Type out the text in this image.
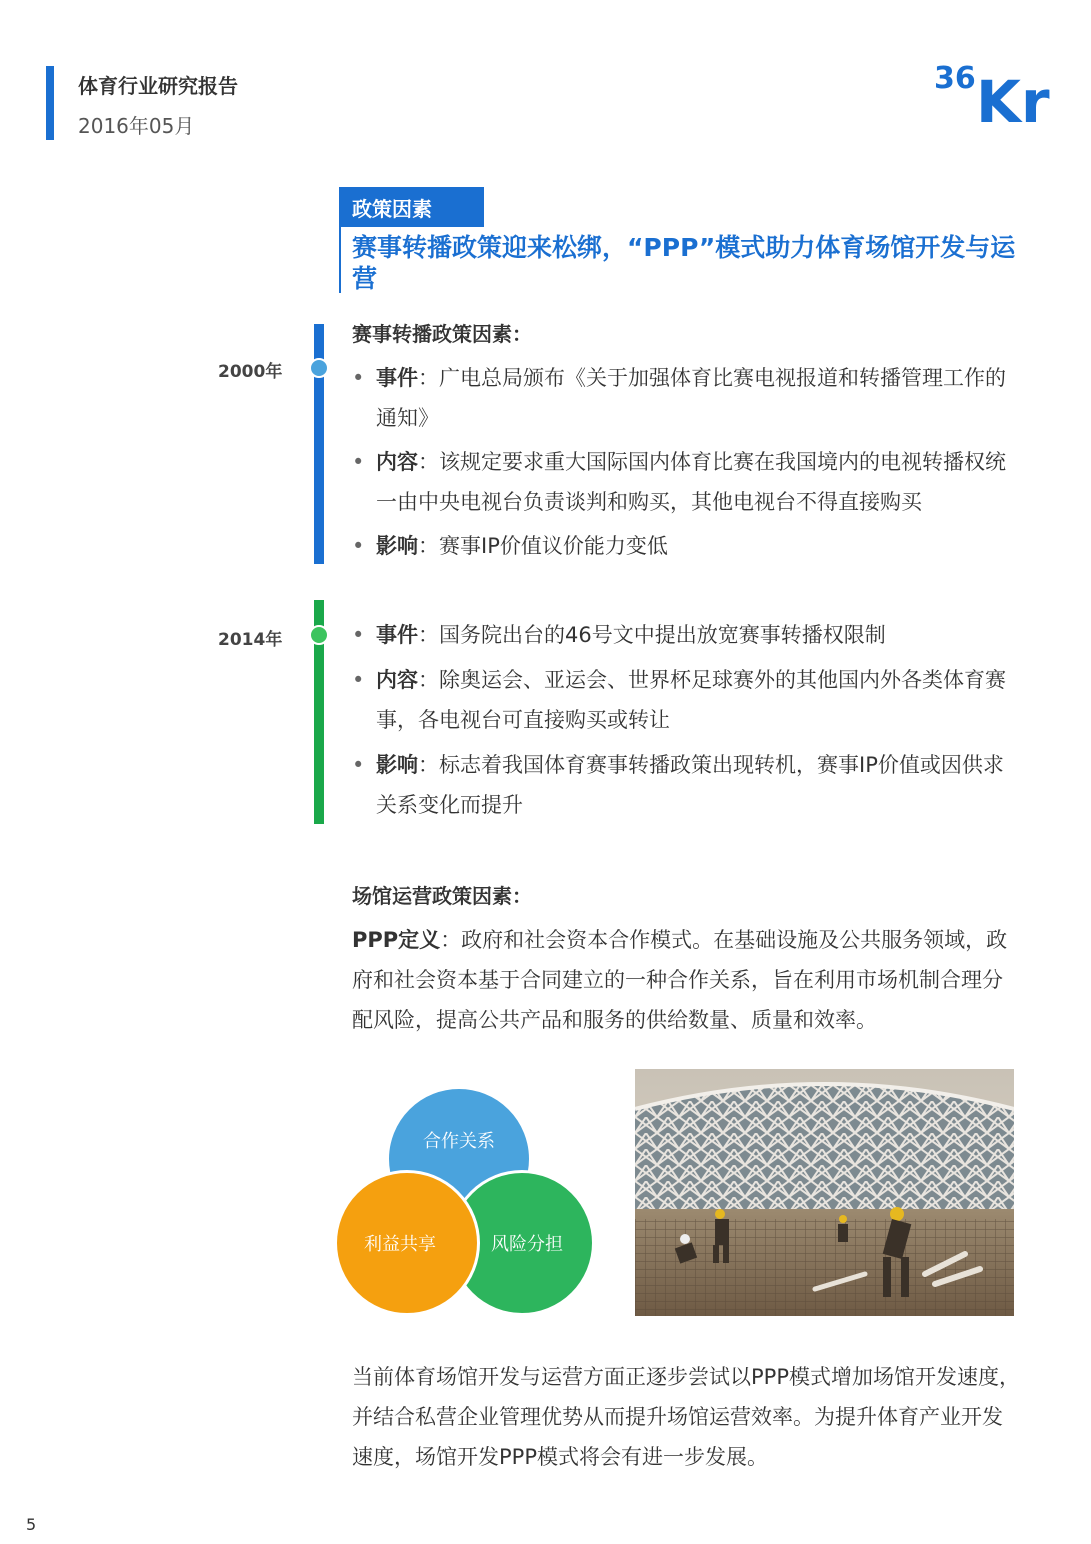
体育行业研究报告
2016年05月
36 Kr
政策因素
赛事转播政策迎来松绑，“PPP”模式助力体育场馆开发与运营
赛事转播政策因素：
2000年	• 事件：广电总局颁布《关于加强体育比赛电视报道和转播管理工作的通知》
• 内容：该规定要求重大国际国内体育比赛在我国境内的电视转播权统一由中央电视台负责谈判和购买，其他电视台不得直接购买
• 影响：赛事IP价值议价能力变低
2014年	• 事件：国务院出台的46号文中提出放宽赛事转播权限制
• 内容：除奥运会、亚运会、世界杯足球赛外的其他国内外各类体育赛事，各电视台可直接购买或转让
• 影响：标志着我国体育赛事转播政策出现转机，赛事IP价值或因供求关系变化而提升
场馆运营政策因素：
PPP定义：政府和社会资本合作模式。在基础设施及公共服务领域，政府和社会资本基于合同建立的一种合作关系，旨在利用市场机制合理分配风险，提高公共产品和服务的供给数量、质量和效率。
合作关系
风险分担
利益共享
当前体育场馆开发与运营方面正逐步尝试以PPP模式增加场馆开发速度，并结合私营企业管理优势从而提升场馆运营效率。为提升体育产业开发速度，场馆开发PPP模式将会有进一步发展。
5
